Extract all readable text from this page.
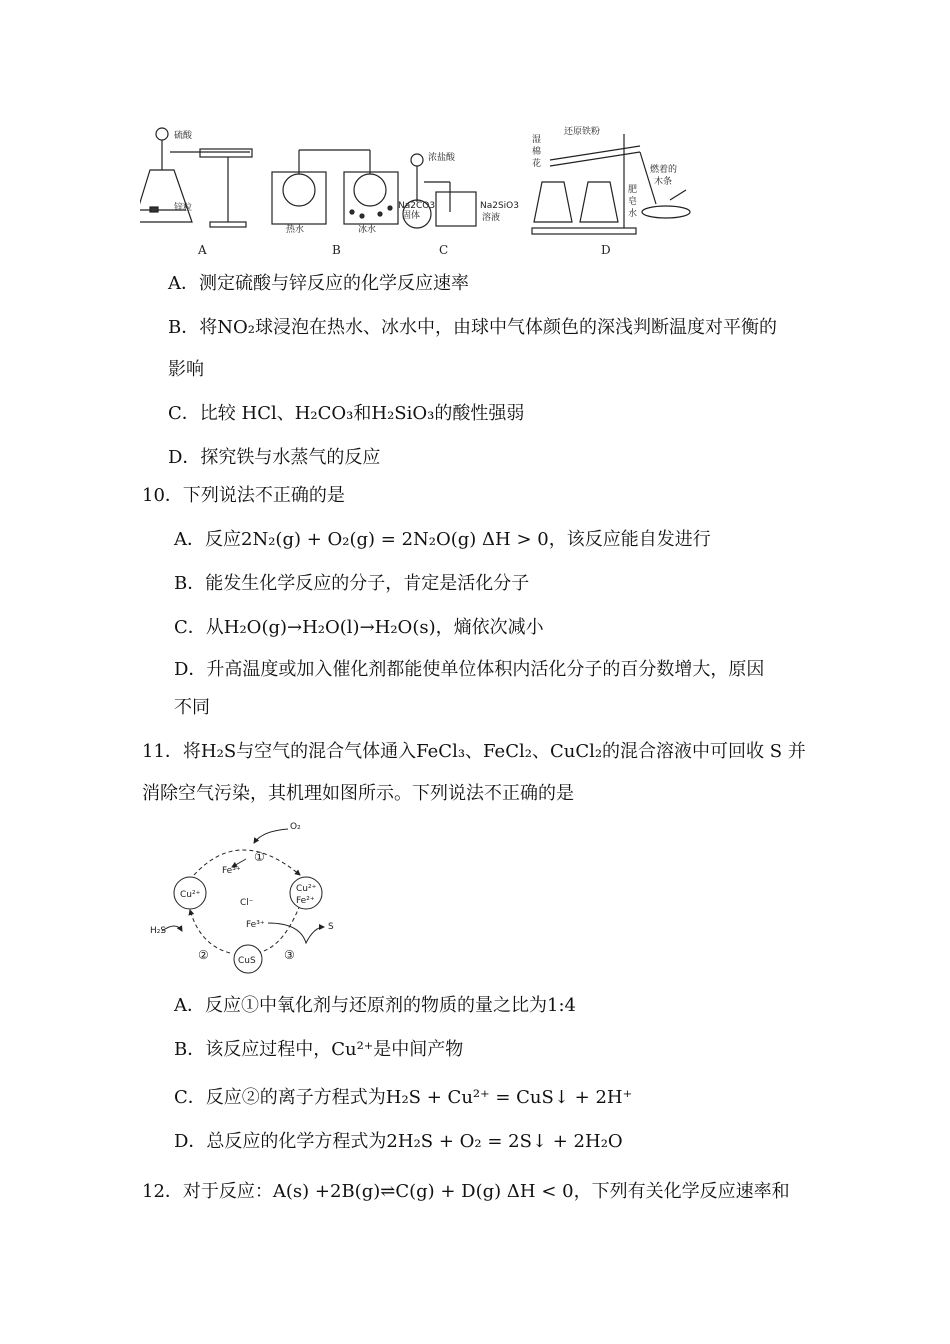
硫酸
锌粒
热水	冰水
浓盐酸
Na2CO3
固体
Na2SiO3
溶液
湿
棉
花
还原铁粉
燃着的
木条
肥
皂
水
A	B	C	D
A．测定硫酸与锌反应的化学反应速率
B．将NO₂球浸泡在热水、冰水中，由球中气体颜色的深浅判断温度对平衡的
影响
C．比较 HCl、H₂CO₃和H₂SiO₃的酸性强弱
D．探究铁与水蒸气的反应
10．下列说法不正确的是
A．反应2N₂(g) + O₂(g) = 2N₂O(g) ΔH > 0，该反应能自发进行
B．能发生化学反应的分子，肯定是活化分子
C．从H₂O(g)→H₂O(l)→H₂O(s)，熵依次减小
D．升高温度或加入催化剂都能使单位体积内活化分子的百分数增大，原因
不同
11．将H₂S与空气的混合气体通入FeCl₃、FeCl₂、CuCl₂的混合溶液中可回收 S 并
消除空气污染，其机理如图所示。下列说法不正确的是
O₂
①
Fe³⁺
Cu²⁺
Cl⁻
Cu²⁺
Fe²⁺
Fe³⁺
H₂S	S
②	CuS ③
A．反应①中氧化剂与还原剂的物质的量之比为1:4
B．该反应过程中，Cu²⁺是中间产物
C．反应②的离子方程式为H₂S + Cu²⁺ = CuS↓ + 2H⁺
D．总反应的化学方程式为2H₂S + O₂ = 2S↓ + 2H₂O
12．对于反应：A(s) +2B(g)⇌C(g) + D(g) ΔH < 0，下列有关化学反应速率和
